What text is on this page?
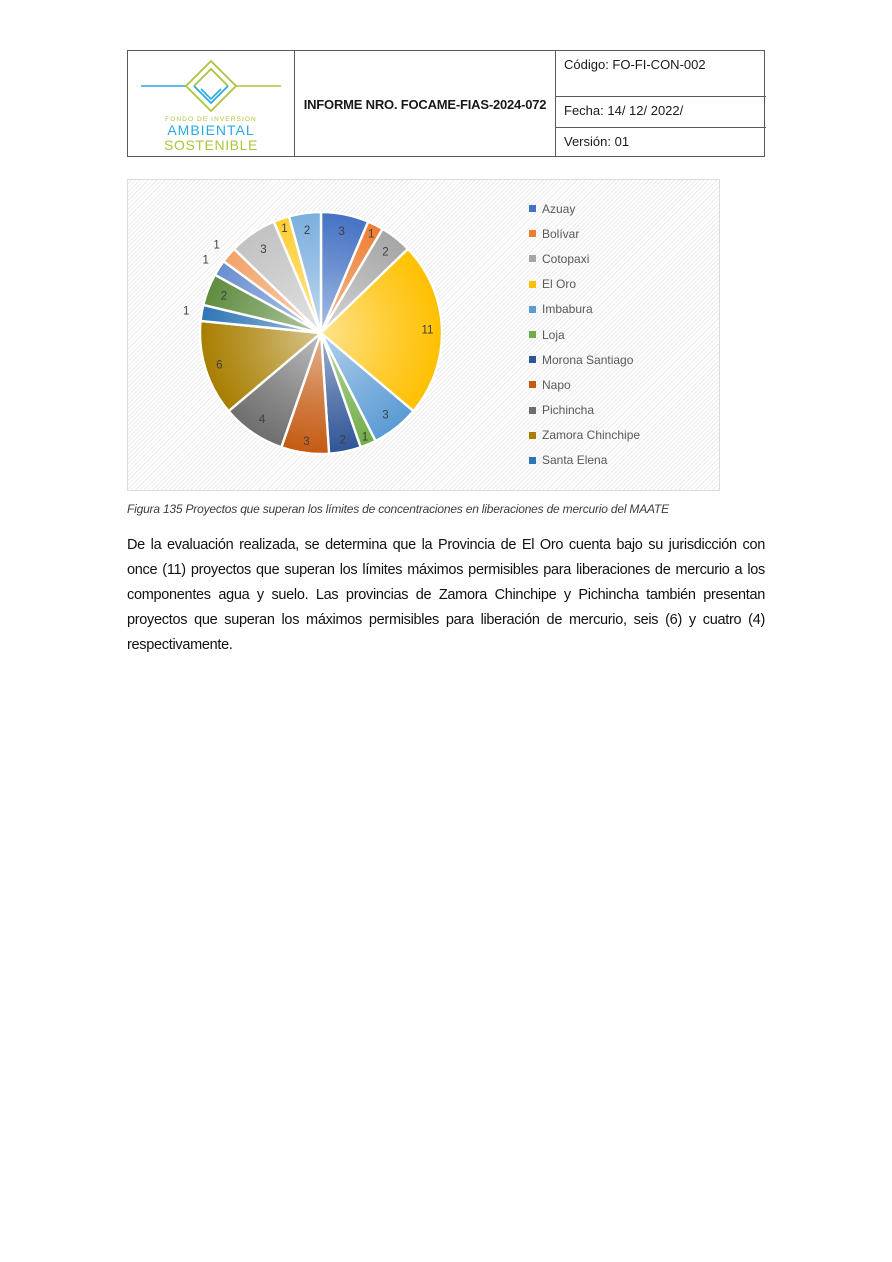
FONDO DE INVERSION
AMBIENTAL
SOSTENIBLE
INFORME NRO. FOCAME-FIAS-2024-072
Código: FO-FI-CON-002
Fecha: 14/ 12/ 2022/
Versión: 01
3 1
2
11
3
1
2
3
4
6
1
2
1
1	3
1 2
Azuay
Bolívar
Cotopaxi
El Oro
Imbabura
Loja
Morona Santiago
Napo
Pichincha
Zamora Chinchipe
Santa Elena
Figura 135 Proyectos que superan los límites de concentraciones en liberaciones de mercurio del MAATE

De la evaluación realizada, se determina que la Provincia de El Oro cuenta bajo su jurisdicción con once (11) proyectos que superan los límites máximos permisibles para liberaciones de mercurio a los componentes agua y suelo. Las provincias de Zamora Chinchipe y Pichincha también presentan proyectos que superan los máximos permisibles para liberación de mercurio, seis (6) y cuatro (4) respectivamente.
